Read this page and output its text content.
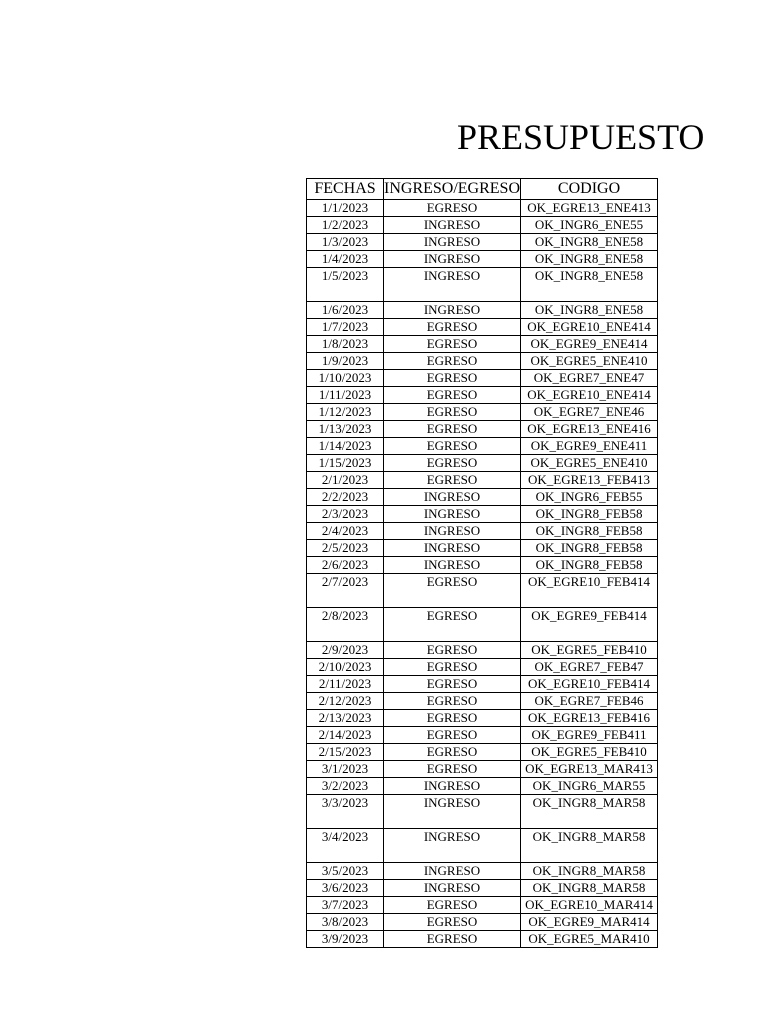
PRESUPUESTO
FECHAS	INGRESO/EGRESO	CODIGO

1/1/2023	EGRESO	OK_EGRE13_ENE413

1/2/2023	INGRESO	OK_INGR6_ENE55

1/3/2023	INGRESO	OK_INGR8_ENE58

1/4/2023	INGRESO	OK_INGR8_ENE58

1/5/2023	INGRESO	OK_INGR8_ENE58

1/6/2023	INGRESO	OK_INGR8_ENE58

1/7/2023	EGRESO	OK_EGRE10_ENE414

1/8/2023	EGRESO	OK_EGRE9_ENE414

1/9/2023	EGRESO	OK_EGRE5_ENE410

1/10/2023	EGRESO	OK_EGRE7_ENE47

1/11/2023	EGRESO	OK_EGRE10_ENE414

1/12/2023	EGRESO	OK_EGRE7_ENE46

1/13/2023	EGRESO	OK_EGRE13_ENE416

1/14/2023	EGRESO	OK_EGRE9_ENE411

1/15/2023	EGRESO	OK_EGRE5_ENE410

2/1/2023	EGRESO	OK_EGRE13_FEB413

2/2/2023	INGRESO	OK_INGR6_FEB55

2/3/2023	INGRESO	OK_INGR8_FEB58

2/4/2023	INGRESO	OK_INGR8_FEB58

2/5/2023	INGRESO	OK_INGR8_FEB58

2/6/2023	INGRESO	OK_INGR8_FEB58

2/7/2023	EGRESO	OK_EGRE10_FEB414

2/8/2023	EGRESO	OK_EGRE9_FEB414

2/9/2023	EGRESO	OK_EGRE5_FEB410

2/10/2023	EGRESO	OK_EGRE7_FEB47

2/11/2023	EGRESO	OK_EGRE10_FEB414

2/12/2023	EGRESO	OK_EGRE7_FEB46

2/13/2023	EGRESO	OK_EGRE13_FEB416

2/14/2023	EGRESO	OK_EGRE9_FEB411

2/15/2023	EGRESO	OK_EGRE5_FEB410

3/1/2023	EGRESO	OK_EGRE13_MAR413

3/2/2023	INGRESO	OK_INGR6_MAR55

3/3/2023	INGRESO	OK_INGR8_MAR58

3/4/2023	INGRESO	OK_INGR8_MAR58

3/5/2023	INGRESO	OK_INGR8_MAR58

3/6/2023	INGRESO	OK_INGR8_MAR58

3/7/2023	EGRESO	OK_EGRE10_MAR414

3/8/2023	EGRESO	OK_EGRE9_MAR414

3/9/2023	EGRESO	OK_EGRE5_MAR410
